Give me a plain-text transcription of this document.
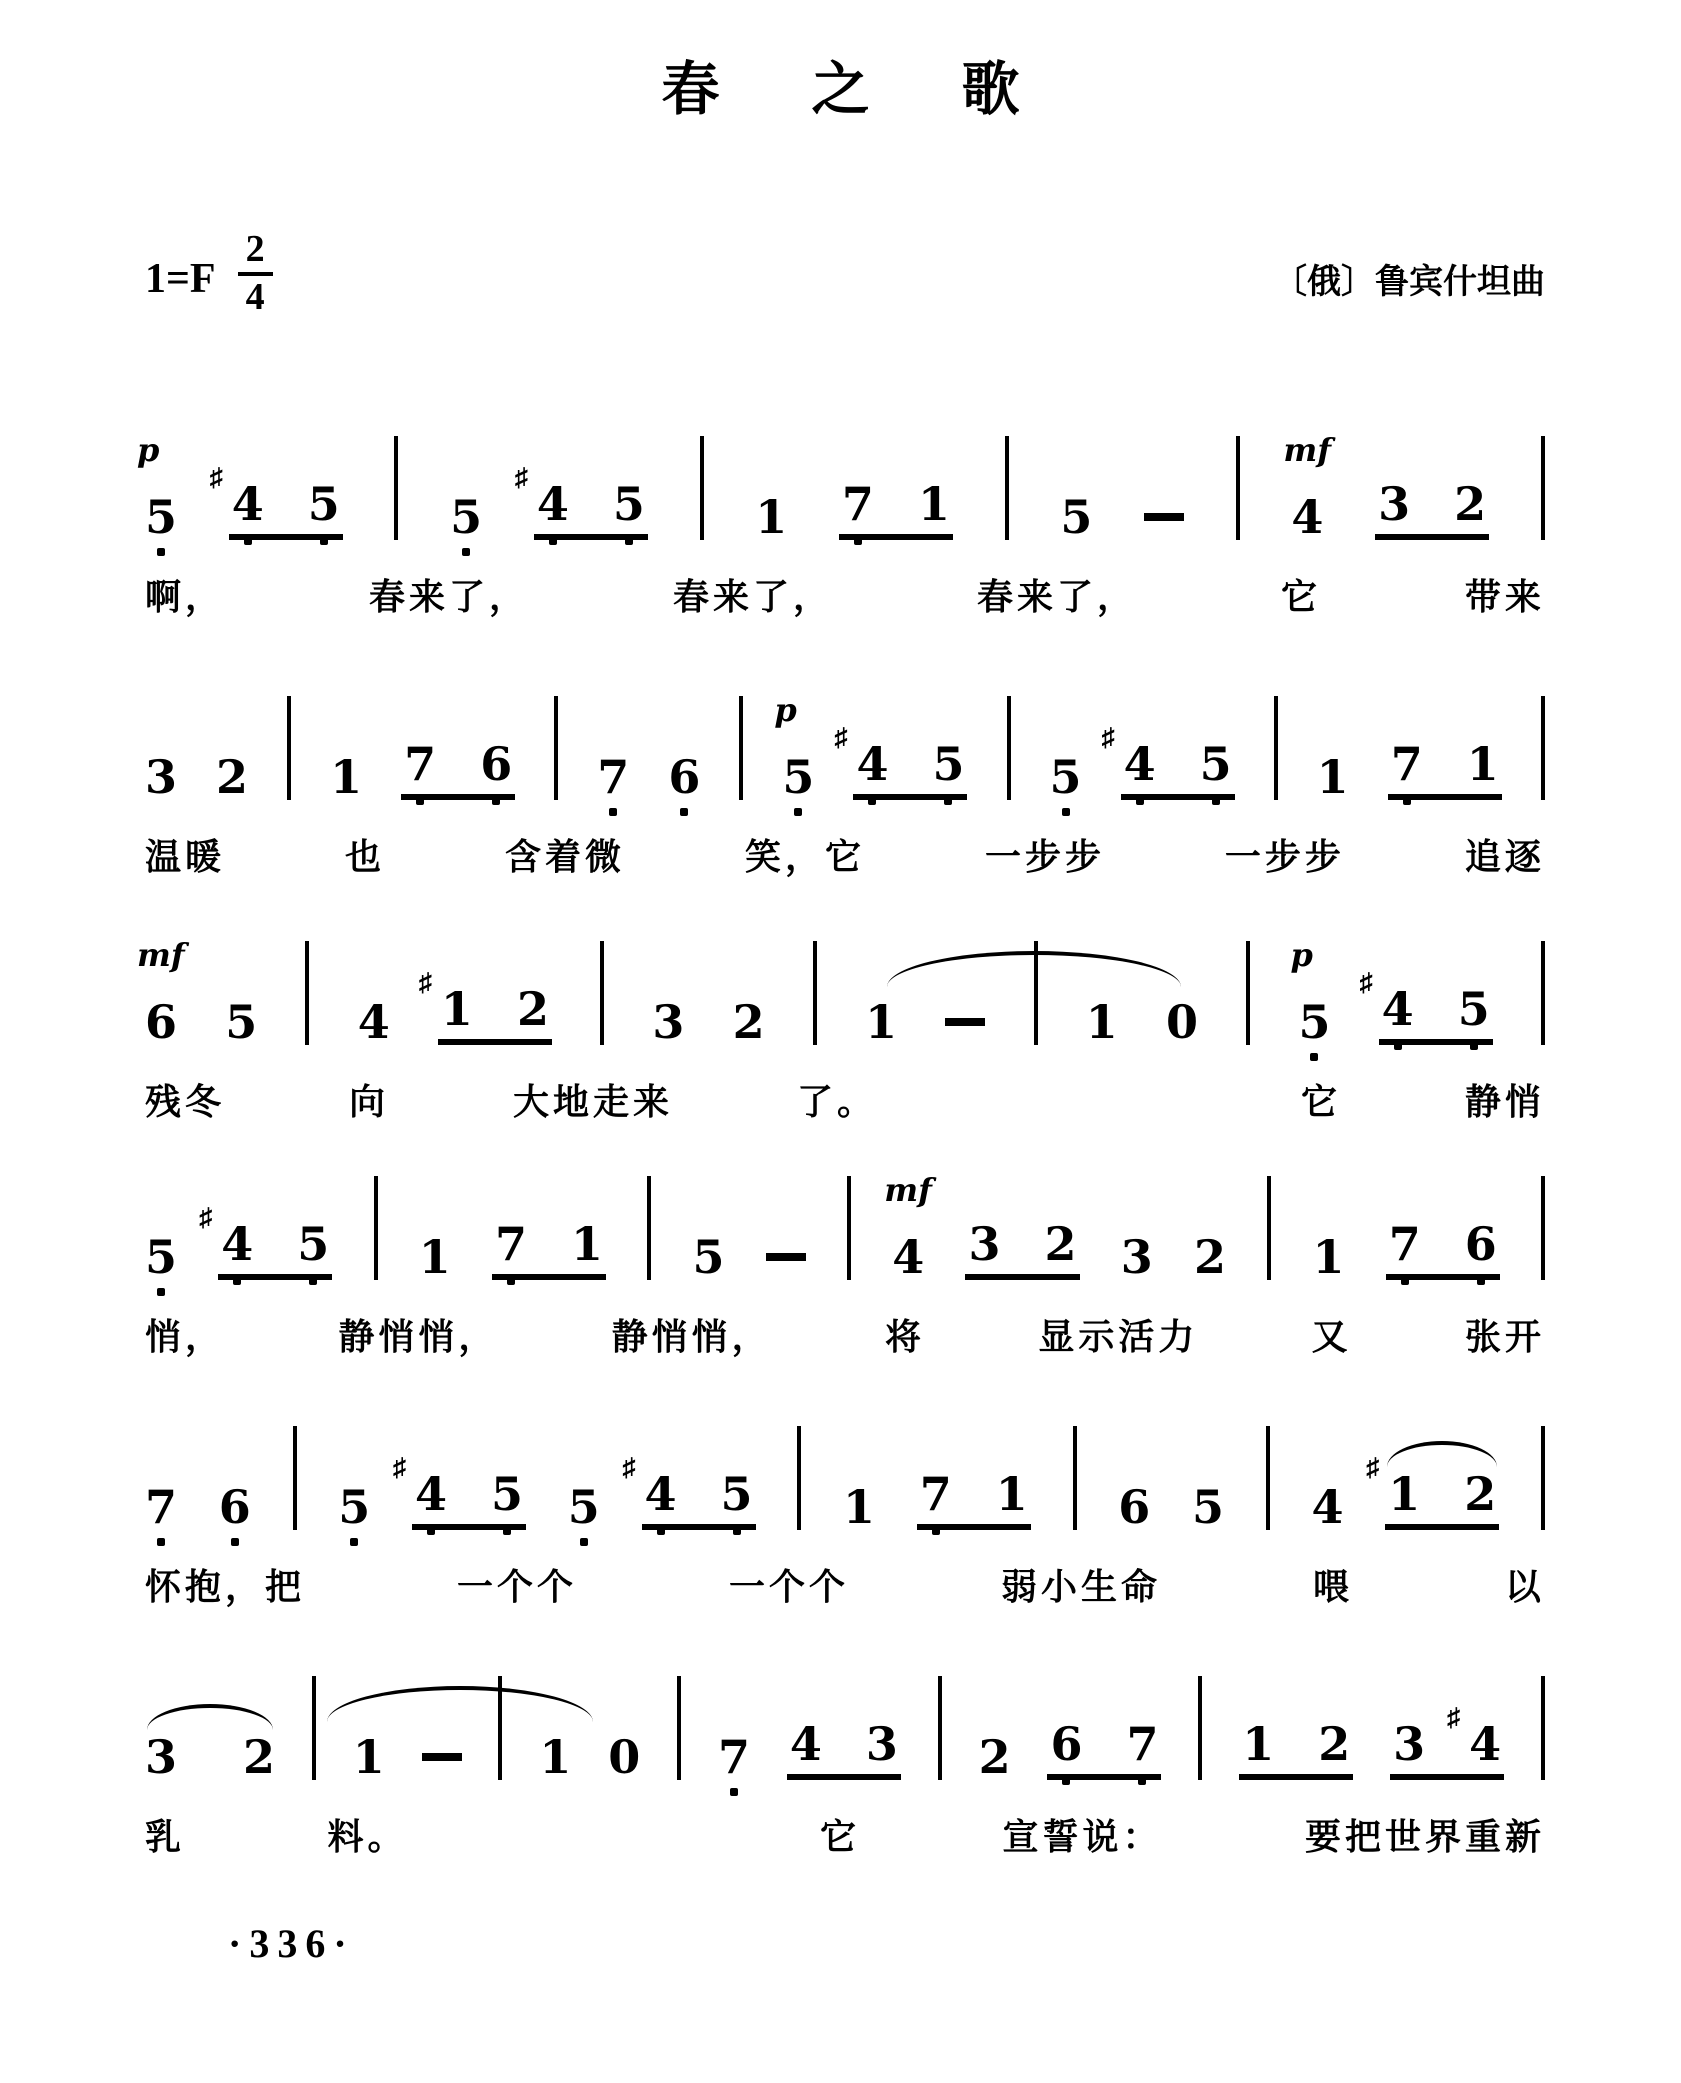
春之歌
$1=F \frac{2}{4}$	〔俄〕鲁宾什坦曲
5
p
♯ 4 5 5
♯ 4 5 1 7 1 5	4
mf
3 2
啊，	春来了，	春来了，	春来了，	它	带来
3 2 1 7 6 7 6 5
p
♯ 4 5 5
♯ 4 5 1 7 1
温暖	也	含着微	笑，它	一步步	一步步	追逐
6
mf
5 4
♯ 1 2 3 2 1	1 0 5
p
♯ 4 5
残冬	向	大地走来	了。	它	静悄
5
♯ 4 5 1 7 1 5	4
mf
3 2 3 2 1 7 6
悄，	静悄悄，	静悄悄，	将	显示活力	又	张开
7 6 5
♯ 4 5 5
♯ 4 5 1 7 1 6 5 4
♯ 1 2
怀抱，把	一个个	一个个	弱小生命	喂	以
3 2 1	1 0 7 4 3 2 6 7 1 2 3 ♯ 4
乳	料。	它	宣誓说：	要把世界重新
·336·
